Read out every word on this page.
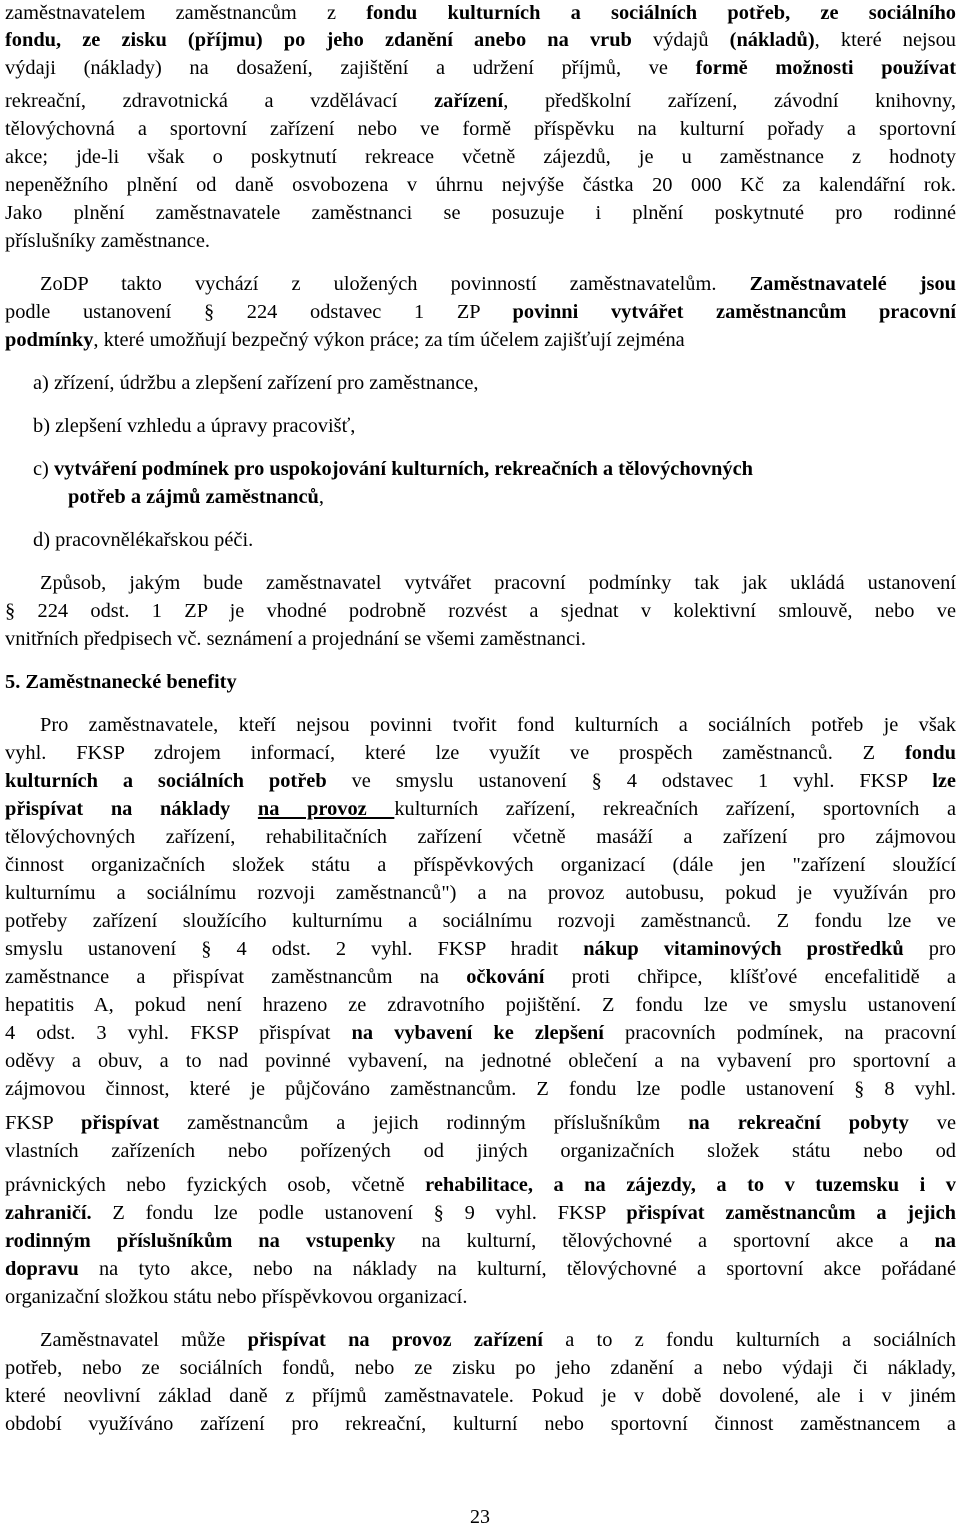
zaměstnavatelem zaměstnancům z fondu kulturních a sociálních potřeb, ze sociálního
fondu, ze zisku (příjmu) po jeho zdanění anebo na vrub výdajů (nákladů), které nejsou
výdaji (náklady) na dosažení, zajištění a udržení příjmů, ve formě možnosti používat
rekreační, zdravotnická a vzdělávací zařízení, předškolní zařízení, závodní knihovny,
tělovýchovná a sportovní zařízení nebo ve formě příspěvku na kulturní pořady a sportovní
akce; jde-li však o poskytnutí rekreace včetně zájezdů, je u zaměstnance z hodnoty
nepeněžního plnění od daně osvobozena v úhrnu nejvýše částka 20 000 Kč za kalendářní rok.
Jako plnění zaměstnavatele zaměstnanci se posuzuje i plnění poskytnuté pro rodinné
příslušníky zaměstnance.
ZoDP takto vychází z uložených povinností zaměstnavatelům. Zaměstnavatelé jsou
podle ustanovení § 224 odstavec 1 ZP povinni vytvářet zaměstnancům pracovní
podmínky, které umožňují bezpečný výkon práce; za tím účelem zajišťují zejména
a) zřízení, údržbu a zlepšení zařízení pro zaměstnance,
b) zlepšení vzhledu a úpravy pracovišť,
c) vytváření podmínek pro uspokojování kulturních, rekreačních a tělovýchovných
potřeb a zájmů zaměstnanců,
d) pracovnělékařskou péči.
Způsob, jakým bude zaměstnavatel vytvářet pracovní podmínky tak jak ukládá ustanovení
§ 224 odst. 1 ZP je vhodné podrobně rozvést a sjednat v kolektivní smlouvě, nebo ve
vnitřních předpisech vč. seznámení a projednání se všemi zaměstnanci.
5. Zaměstnanecké benefity
Pro zaměstnavatele, kteří nejsou povinni tvořit fond kulturních a sociálních potřeb je však
vyhl. FKSP zdrojem informací, které lze využít ve prospěch zaměstnanců. Z fondu
kulturních a sociálních potřeb ve smyslu ustanovení § 4 odstavec 1 vyhl. FKSP lze
přispívat na náklady na provoz kulturních zařízení, rekreačních zařízení, sportovních a
tělovýchovných zařízení, rehabilitačních zařízení včetně masáží a zařízení pro zájmovou
činnost organizačních složek státu a příspěvkových organizací (dále jen "zařízení sloužící
kulturnímu a sociálnímu rozvoji zaměstnanců") a na provoz autobusu, pokud je využíván pro
potřeby zařízení sloužícího kulturnímu a sociálnímu rozvoji zaměstnanců. Z fondu lze ve
smyslu ustanovení § 4 odst. 2 vyhl. FKSP hradit nákup vitaminových prostředků pro
zaměstnance a přispívat zaměstnancům na očkování proti chřipce, klíšťové encefalitidě a
hepatitis A, pokud není hrazeno ze zdravotního pojištění. Z fondu lze ve smyslu ustanovení
4 odst. 3 vyhl. FKSP přispívat na vybavení ke zlepšení pracovních podmínek, na pracovní
oděvy a obuv, a to nad povinné vybavení, na jednotné oblečení a na vybavení pro sportovní a
zájmovou činnost, které je půjčováno zaměstnancům. Z fondu lze podle ustanovení § 8 vyhl.
FKSP přispívat zaměstnancům a jejich rodinným příslušníkům na rekreační pobyty ve
vlastních zařízeních nebo pořízených od jiných organizačních složek státu nebo od
právnických nebo fyzických osob, včetně rehabilitace, a na zájezdy, a to v tuzemsku i v
zahraničí. Z fondu lze podle ustanovení § 9 vyhl. FKSP přispívat zaměstnancům a jejich
rodinným příslušníkům na vstupenky na kulturní, tělovýchovné a sportovní akce a na
dopravu na tyto akce, nebo na náklady na kulturní, tělovýchovné a sportovní akce pořádané
organizační složkou státu nebo příspěvkovou organizací.
Zaměstnavatel může přispívat na provoz zařízení a to z fondu kulturních a sociálních
potřeb, nebo ze sociálních fondů, nebo ze zisku po jeho zdanění a nebo výdaji či náklady,
které neovlivní základ daně z příjmů zaměstnavatele. Pokud je v době dovolené, ale i v jiném
období využíváno zařízení pro rekreační, kulturní nebo sportovní činnost zaměstnancem a
23
